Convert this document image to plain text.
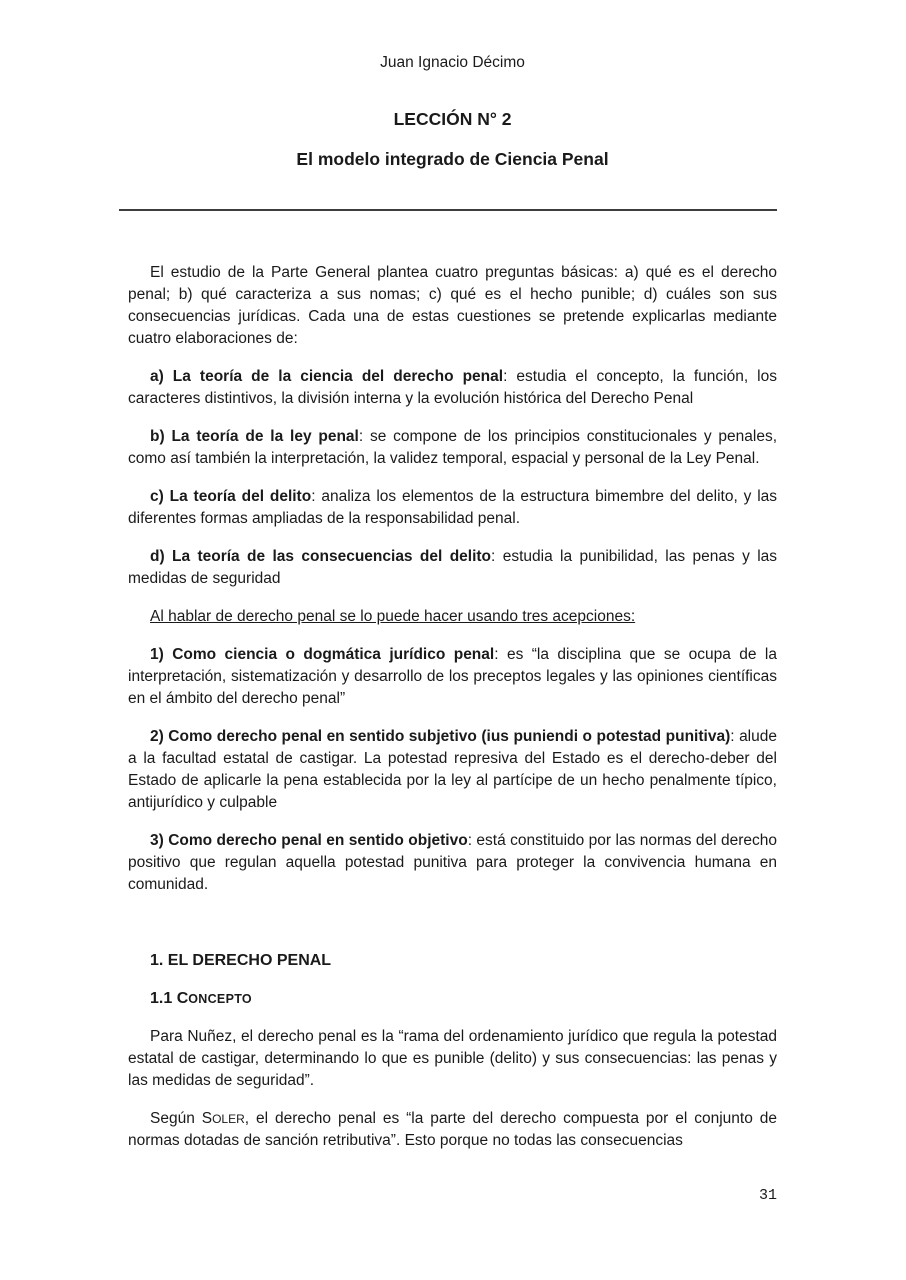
Juan Ignacio Décimo
LECCIÓN N° 2
El modelo integrado de Ciencia Penal

El estudio de la Parte General plantea cuatro preguntas básicas: a) qué es el derecho penal; b) qué caracteriza a sus nomas; c) qué es el hecho punible; d) cuáles son sus consecuencias jurídicas. Cada una de estas cuestiones se pretende explicarlas mediante cuatro elaboraciones de:

a) La teoría de la ciencia del derecho penal: estudia el concepto, la función, los caracteres distintivos, la división interna y la evolución histórica del Derecho Penal

b) La teoría de la ley penal: se compone de los principios constitucionales y penales, como así también la interpretación, la validez temporal, espacial y personal de la Ley Penal.

c) La teoría del delito: analiza los elementos de la estructura bimembre del delito, y las diferentes formas ampliadas de la responsabilidad penal.

d) La teoría de las consecuencias del delito: estudia la punibilidad, las penas y las medidas de seguridad

Al hablar de derecho penal se lo puede hacer usando tres acepciones:

1) Como ciencia o dogmática jurídico penal: es “la disciplina que se ocupa de la interpretación, sistematización y desarrollo de los preceptos legales y las opiniones científicas en el ámbito del derecho penal”

2) Como derecho penal en sentido subjetivo (ius puniendi o potestad punitiva): alude a la facultad estatal de castigar. La potestad represiva del Estado es el derecho-deber del Estado de aplicarle la pena establecida por la ley al partícipe de un hecho penalmente típico, antijurídico y culpable

3) Como derecho penal en sentido objetivo: está constituido por las normas del derecho positivo que regulan aquella potestad punitiva para proteger la convivencia humana en comunidad.

1. EL DERECHO PENAL

1.1 CONCEPTO

Para Nuñez, el derecho penal es la “rama del ordenamiento jurídico que regula la potestad estatal de castigar, determinando lo que es punible (delito) y sus consecuencias: las penas y las medidas de seguridad”.

Según SOLER, el derecho penal es “la parte del derecho compuesta por el conjunto de normas dotadas de sanción retributiva”. Esto porque no todas las consecuencias

31
